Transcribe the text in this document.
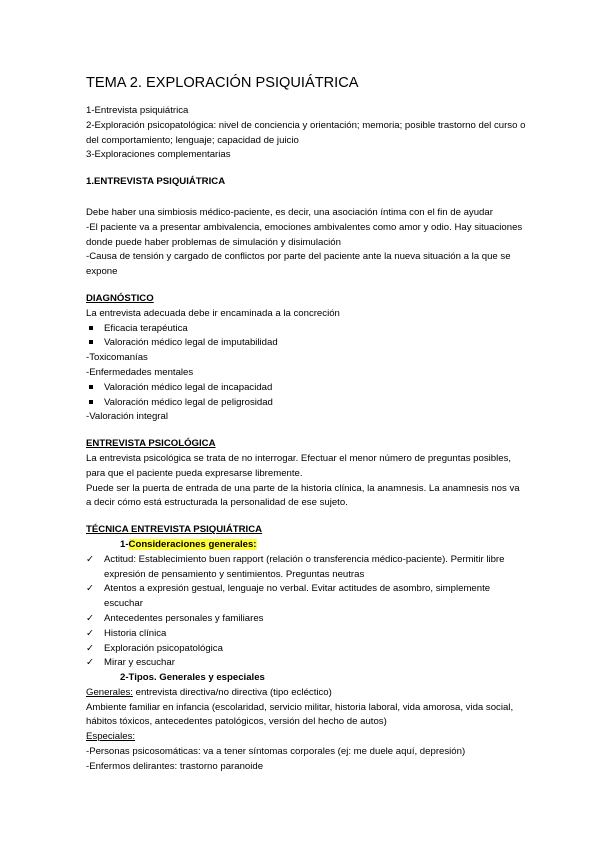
TEMA 2. EXPLORACIÓN PSIQUIÁTRICA
1-Entrevista psiquiátrica
2-Exploración psicopatológica: nivel de conciencia y orientación; memoria; posible trastorno del curso o del comportamiento; lenguaje; capacidad de juicio
3-Exploraciones complementarias
1.ENTREVISTA PSIQUIÁTRICA
Debe haber una simbiosis médico-paciente, es decir, una asociación íntima con el fin de ayudar
-El paciente va a presentar ambivalencia, emociones ambivalentes como amor y odio. Hay situaciones donde puede haber problemas de simulación y disimulación
-Causa de tensión y cargado de conflictos por parte del paciente ante la nueva situación a la que se expone
DIAGNÓSTICO
La entrevista adecuada debe ir encaminada a la concreción
Eficacia terapéutica
Valoración médico legal de imputabilidad
-Toxicomanías
-Enfermedades mentales
Valoración médico legal de incapacidad
Valoración médico legal de peligrosidad
-Valoración integral
ENTREVISTA PSICOLÓGICA
La entrevista psicológica se trata de no interrogar. Efectuar el menor número de preguntas posibles, para que el paciente pueda expresarse libremente.
Puede ser la puerta de entrada de una parte de la historia clínica, la anamnesis. La anamnesis nos va a decir cómo está estructurada la personalidad de ese sujeto.
TÉCNICA ENTREVISTA PSIQUIÁTRICA
1-Consideraciones generales:
✓	Actitud: Establecimiento buen rapport (relación o transferencia médico-paciente). Permitir libre expresión de pensamiento y sentimientos. Preguntas neutras
✓	Atentos a expresión gestual, lenguaje no verbal. Evitar actitudes de asombro, simplemente escuchar
✓	Antecedentes personales y familiares
✓	Historia clínica
✓	Exploración psicopatológica
✓	Mirar y escuchar
2-Tipos. Generales y especiales
Generales: entrevista directiva/no directiva (tipo ecléctico)
Ambiente familiar en infancia (escolaridad, servicio militar, historia laboral, vida amorosa, vida social, hábitos tóxicos, antecedentes patológicos, versión del hecho de autos)
Especiales:
-Personas psicosomáticas: va a tener síntomas corporales (ej: me duele aquí, depresión)
-Enfermos delirantes: trastorno paranoide
